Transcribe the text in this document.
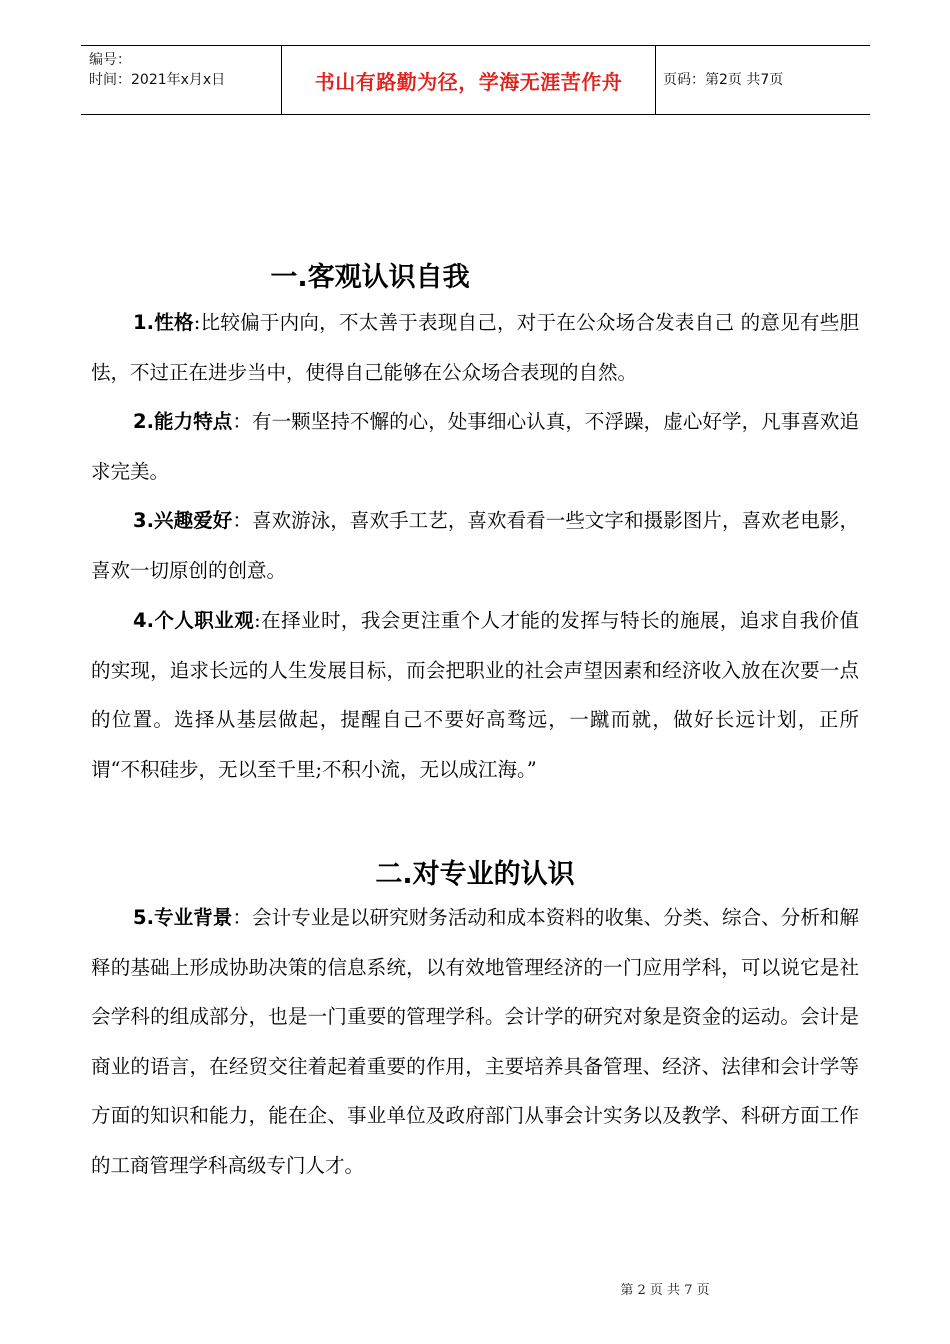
编号：
时间：2021年x月x日	书山有路勤为径，学海无涯苦作舟	页码：第2页 共7页
一.客观认识自我
1.性格:比较偏于内向，不太善于表现自己，对于在公众场合发表自己 的意见有些胆怯，不过正在进步当中，使得自己能够在公众场合表现的自然。
2.能力特点：有一颗坚持不懈的心，处事细心认真，不浮躁，虚心好学，凡事喜欢追求完美。
3.兴趣爱好：喜欢游泳，喜欢手工艺，喜欢看看一些文字和摄影图片，喜欢老电影，喜欢一切原创的创意。
4.个人职业观:在择业时，我会更注重个人才能的发挥与特长的施展，追求自我价值的实现，追求长远的人生发展目标，而会把职业的社会声望因素和经济收入放在次要一点的位置。选择从基层做起，提醒自己不要好高骛远，一蹴而就，做好长远计划，正所谓“不积硅步，无以至千里;不积小流，无以成江海。”
二.对专业的认识
5.专业背景：会计专业是以研究财务活动和成本资料的收集、分类、综合、分析和解释的基础上形成协助决策的信息系统，以有效地管理经济的一门应用学科，可以说它是社会学科的组成部分，也是一门重要的管理学科。会计学的研究对象是资金的运动。会计是商业的语言，在经贸交往着起着重要的作用，主要培养具备管理、经济、法律和会计学等方面的知识和能力，能在企、事业单位及政府部门从事会计实务以及教学、科研方面工作的工商管理学科高级专门人才。
第 2 页 共 7 页
